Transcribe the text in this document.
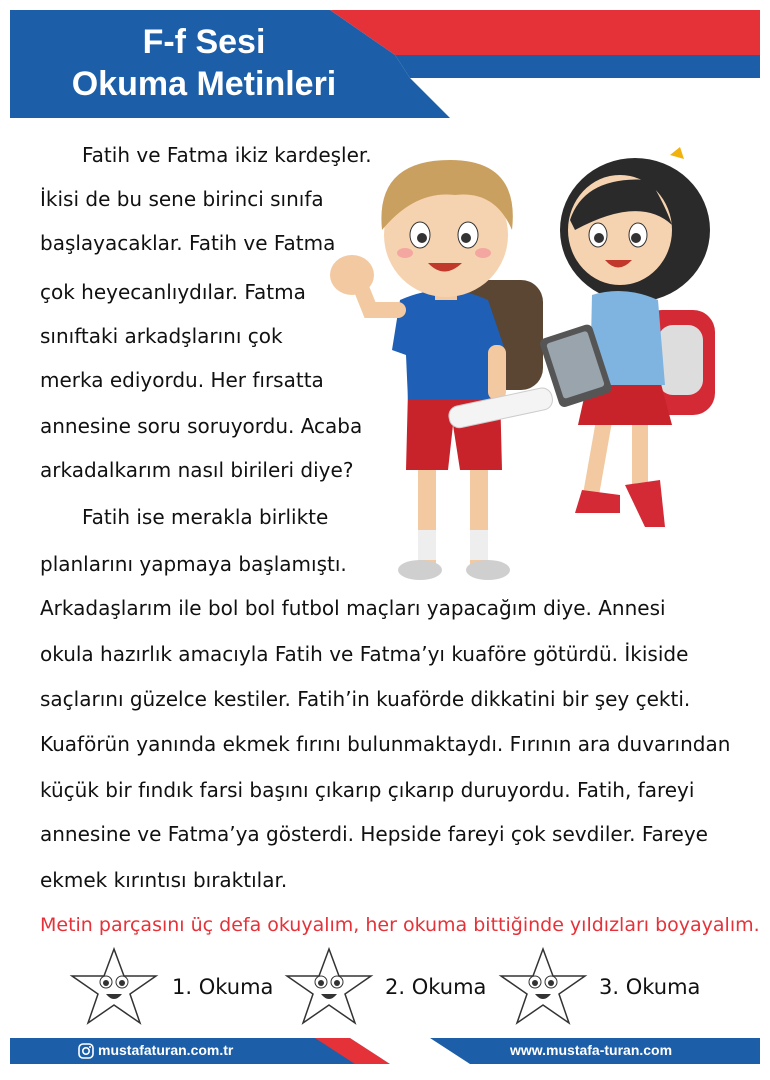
F-f Sesi
Okuma Metinleri
Fatih ve Fatma ikiz kardeşler.
İkisi de bu sene birinci sınıfa
başlayacaklar. Fatih ve Fatma
çok heyecanlıydılar. Fatma
sınıftaki arkadşlarını çok
merka ediyordu. Her fırsatta
annesine soru soruyordu. Acaba
arkadalkarım nasıl birileri diye?
Fatih ise merakla birlikte
planlarını yapmaya başlamıştı.
Arkadaşlarım ile bol bol futbol maçları yapacağım diye. Annesi
okula hazırlık amacıyla Fatih ve Fatma’yı kuaföre götürdü. İkiside
saçlarını güzelce kestiler. Fatih’in kuaförde dikkatini bir şey çekti.
Kuaförün yanında ekmek fırını bulunmaktaydı. Fırının ara duvarından
küçük bir fındık farsi başını çıkarıp çıkarıp duruyordu. Fatih, fareyi
annesine ve Fatma’ya gösterdi. Hepside fareyi çok sevdiler. Fareye
ekmek kırıntısı bıraktılar.
Metin parçasını üç defa okuyalım, her okuma bittiğinde yıldızları boyayalım.
1. Okuma	2. Okuma	3. Okuma
mustafaturan.com.tr	www.mustafa-turan.com
